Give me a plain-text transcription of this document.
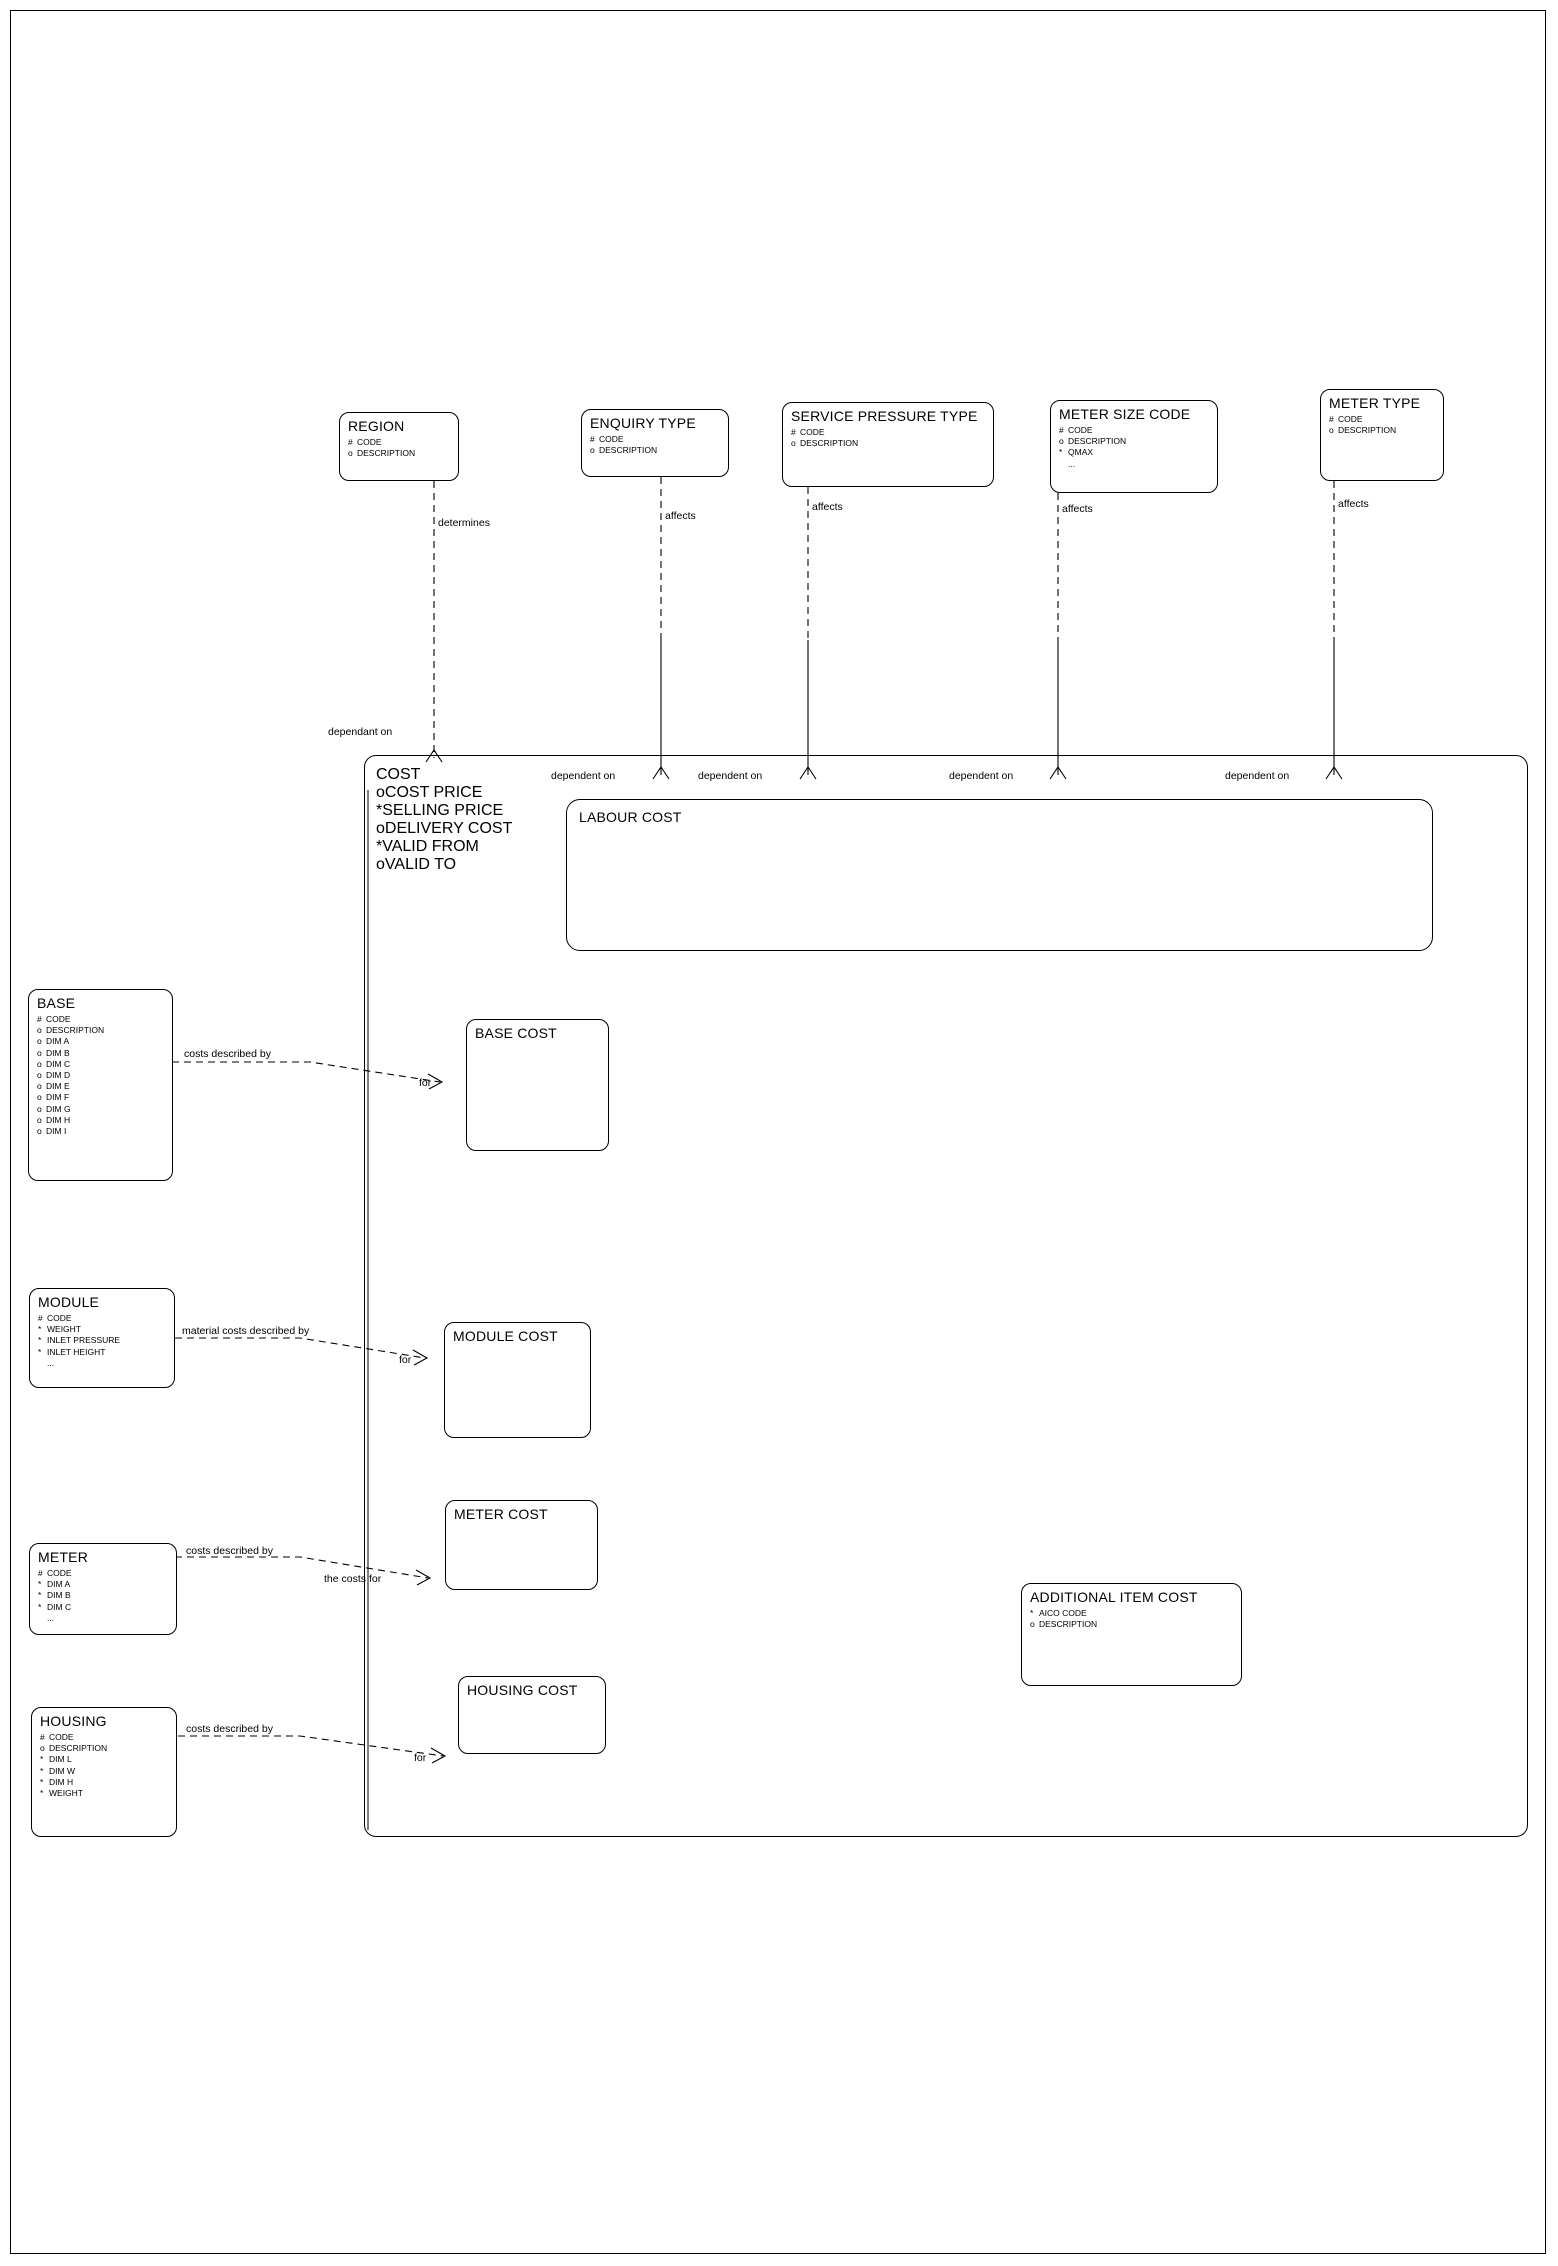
REGION
# CODE
o DESCRIPTION
ENQUIRY TYPE
# CODE
o DESCRIPTION
SERVICE PRESSURE TYPE
# CODE
o DESCRIPTION
METER SIZE CODE
# CODE
o DESCRIPTION
* QMAX
...
METER TYPE
# CODE
o DESCRIPTION
determines
affects
affects	affects	affects
dependant on
dependent on	dependent on	dependent on	dependent on
COST
oCOST PRICE
*SELLING PRICE
oDELIVERY COST
*VALID FROM
oVALID TO
LABOUR COST
BASE
# CODE
o DESCRIPTION
o DIM A
o DIM B
o DIM C
o DIM D
o DIM E
o DIM F
o DIM G
o DIM H
o DIM I
BASE COST
MODULE
# CODE
* WEIGHT
* INLET PRESSURE
* INLET HEIGHT
...
MODULE COST
METER
# CODE
* DIM A
* DIM B
* DIM C
...
METER COST
HOUSING
# CODE
o DESCRIPTION
* DIM L
* DIM W
* DIM H
* WEIGHT
HOUSING COST
ADDITIONAL ITEM COST
* AICO CODE
o DESCRIPTION
costs described by
for
material costs described by
for
costs described by
the costs for
costs described by
for
